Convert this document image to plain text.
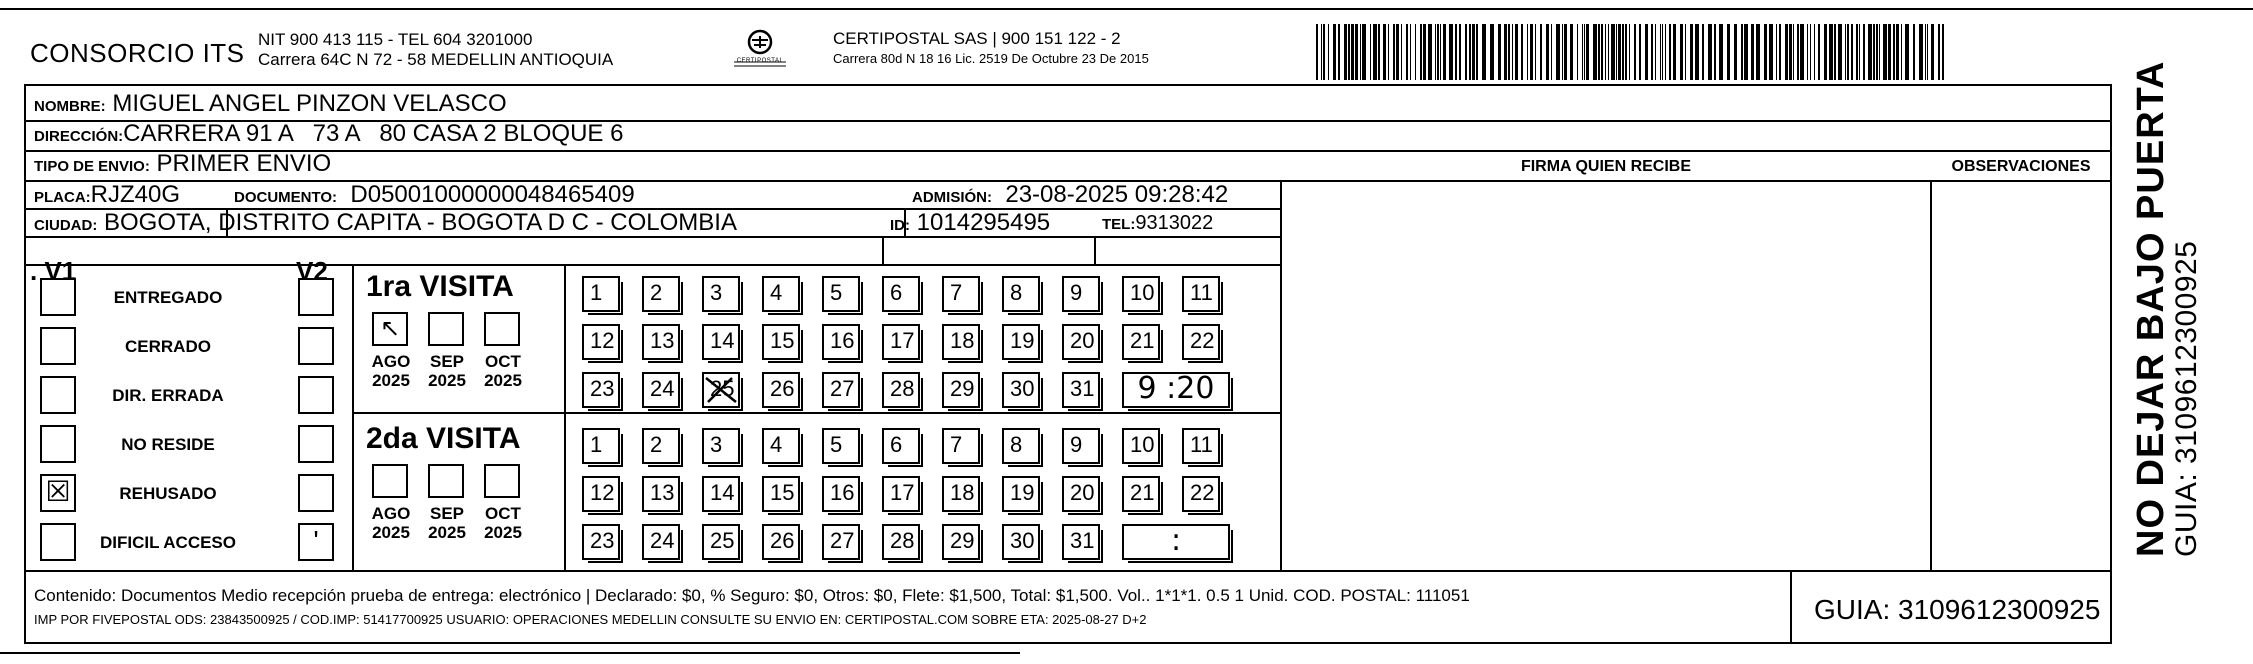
CONSORCIO ITS NIT 900 413 115 - TEL 604 3201000
Carrera 64C N 72 - 58 MEDELLIN ANTIOQUIA	CERTIPOSTAL
CERTIPOSTAL SAS | 900 151 122 - 2
Carrera 80d N 18 16 Lic. 2519 De Octubre 23 De 2015
NOMBRE: MIGUEL ANGEL PINZON VELASCO
DIRECCIÓN:CARRERA 91 A   73 A   80 CASA 2 BLOQUE 6
TIPO DE ENVIO: PRIMER ENVIO	FIRMA QUIEN RECIBE	OBSERVACIONES
PLACA:RJZ40G	DOCUMENTO: D05001000000048465409	ADMISIÓN: 23-08-2025 09:28:42
CIUDAD: BOGOTA, DISTRITO CAPITA - BOGOTA D C - COLOMBIA	ID: 1014295495	TEL:9313022
. V1	V2
ENTREGADO
CERRADO
DIR. ERRADA
NO RESIDE
☒	REHUSADO
DIFICIL ACCESO	'
1ra VISITA
↖
AGO
2025
SEP
2025
OCT
2025
1	2	3	4	5	6	7	8	9	10	11
12	13	14	15	16	17	18	19	20	21	22
23	24	25	26	27	28	29	30	31	9 :20
2da VISITA
AGO
2025
SEP
2025
OCT
2025
1	2	3	4	5	6	7	8	9	10	11
12	13	14	15	16	17	18	19	20	21	22
23	24	25	26	27	28	29	30	31	:
Contenido: Documentos Medio recepción prueba de entrega: electrónico | Declarado: $0, % Seguro: $0, Otros: $0, Flete: $1,500, Total: $1,500. Vol.. 1*1*1. 0.5 1 Unid. COD. POSTAL: 111051
IMP POR FIVEPOSTAL ODS: 23843500925 / COD.IMP: 51417700925 USUARIO: OPERACIONES MEDELLIN CONSULTE SU ENVIO EN: CERTIPOSTAL.COM SOBRE ETA: 2025-08-27 D+2	GUIA: 3109612300925
NO DEJAR BAJO PUERTA
GUIA: 3109612300925
